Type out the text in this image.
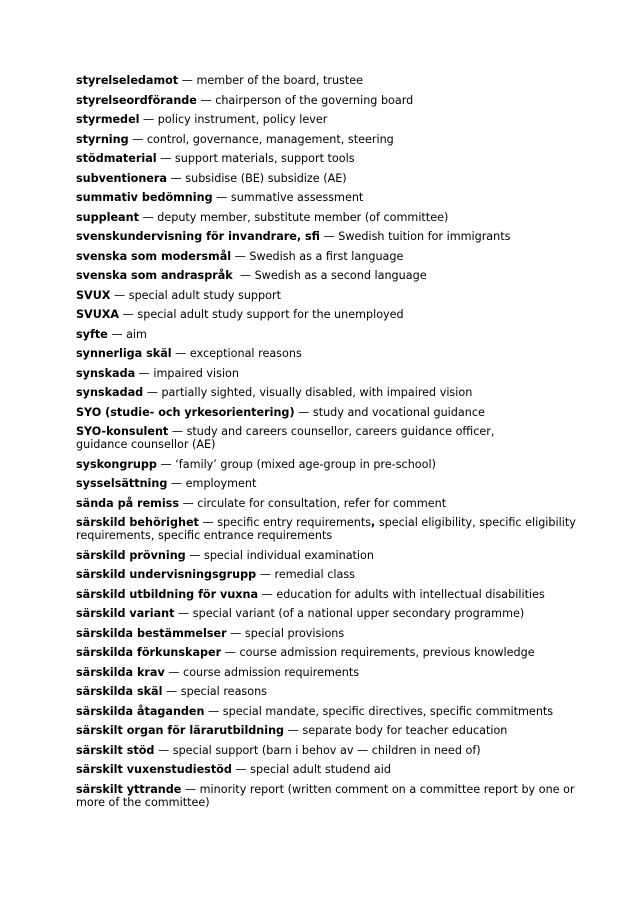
styrelseledamot — member of the board, trustee
styrelseordförande — chairperson of the governing board
styrmedel — policy instrument, policy lever
styrning — control, governance, management, steering
stödmaterial — support materials, support tools
subventionera — subsidise (BE) subsidize (AE)
summativ bedömning — summative assessment
suppleant — deputy member, substitute member (of committee)
svenskundervisning för invandrare, sfi — Swedish tuition for immigrants
svenska som modersmål — Swedish as a first language
svenska som andraspråk  — Swedish as a second language
SVUX — special adult study support
SVUXA — special adult study support for the unemployed
syfte — aim
synnerliga skäl — exceptional reasons
synskada — impaired vision
synskadad — partially sighted, visually disabled, with impaired vision
SYO (studie- och yrkesorientering) — study and vocational guidance
SYO-konsulent — study and careers counsellor, careers guidance officer,
guidance counsellor (AE)
syskongrupp — ‘family’ group (mixed age-group in pre-school)
sysselsättning — employment
sända på remiss — circulate for consultation, refer for comment
särskild behörighet — specific entry requirements, special eligibility, specific eligibility
requirements, specific entrance requirements
särskild prövning — special individual examination
särskild undervisningsgrupp — remedial class
särskild utbildning för vuxna — education for adults with intellectual disabilities
särskild variant — special variant (of a national upper secondary programme)
särskilda bestämmelser — special provisions
särskilda förkunskaper — course admission requirements, previous knowledge
särskilda krav — course admission requirements
särskilda skäl — special reasons
särskilda åtaganden — special mandate, specific directives, specific commitments
särskilt organ för lärarutbildning — separate body for teacher education
särskilt stöd — special support (barn i behov av — children in need of)
särskilt vuxenstudiestöd — special adult studend aid
särskilt yttrande — minority report (written comment on a committee report by one or
more of the committee)
